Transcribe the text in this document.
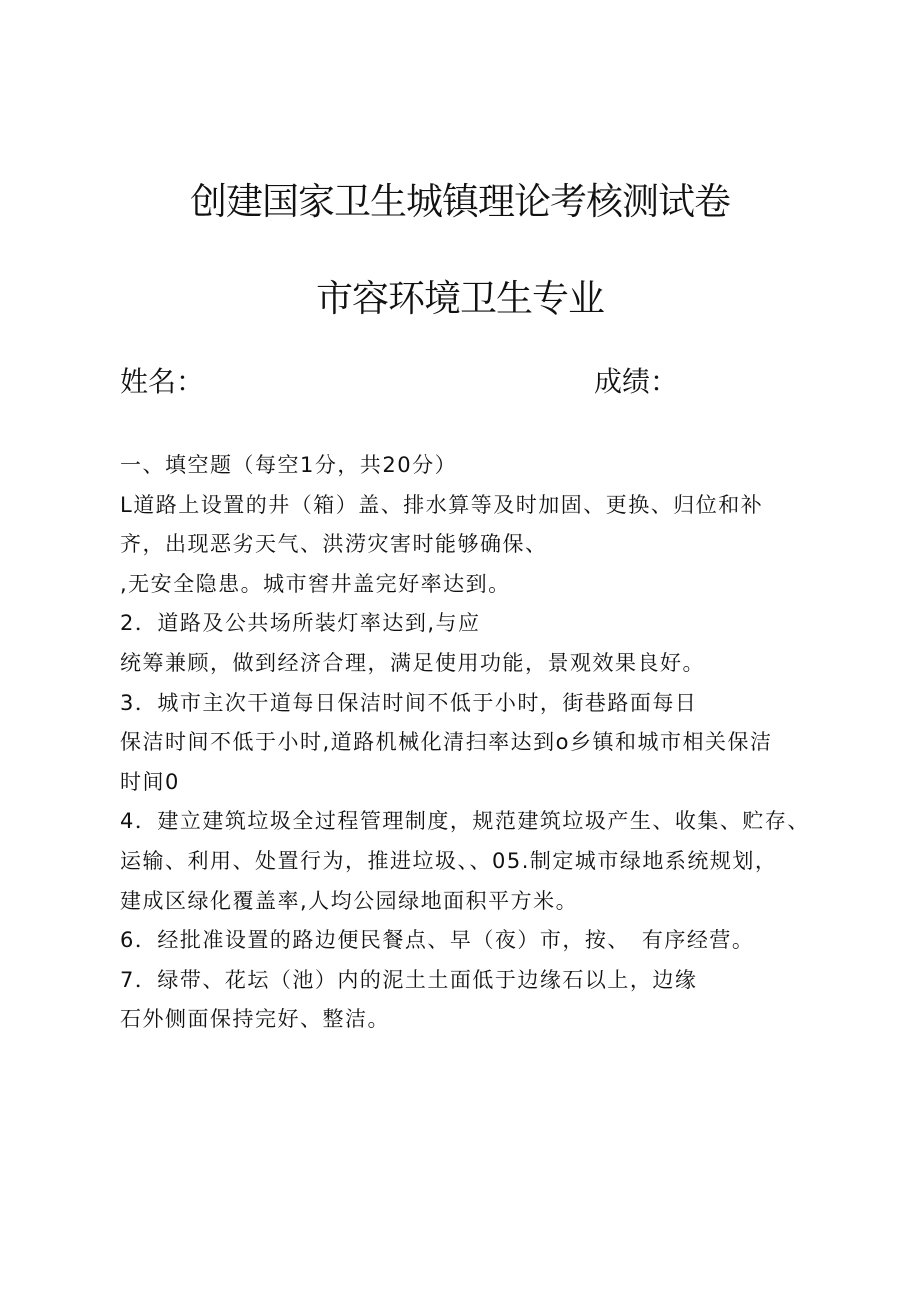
创建国家卫生城镇理论考核测试卷
市容环境卫生专业
姓名：	成绩：
一、填空题（每空1分，共20分）
L道路上设置的井（箱）盖、排水算等及时加固、更换、归位和补
齐，出现恶劣天气、洪涝灾害时能够确保、
,无安全隐患。城市窖井盖完好率达到。
2．道路及公共场所装灯率达到,与应
统筹兼顾，做到经济合理，满足使用功能，景观效果良好。
3．城市主次干道每日保洁时间不低于小时，街巷路面每日
保洁时间不低于小时,道路机械化清扫率达到o乡镇和城市相关保洁
时间0
4．建立建筑垃圾全过程管理制度，规范建筑垃圾产生、收集、贮存、
运输、利用、处置行为，推进垃圾、、05.制定城市绿地系统规划，
建成区绿化覆盖率,人均公园绿地面积平方米。
6．经批准设置的路边便民餐点、早（夜）市，按、　有序经营。
7．绿带、花坛（池）内的泥土土面低于边缘石以上，边缘
石外侧面保持完好、整洁。
